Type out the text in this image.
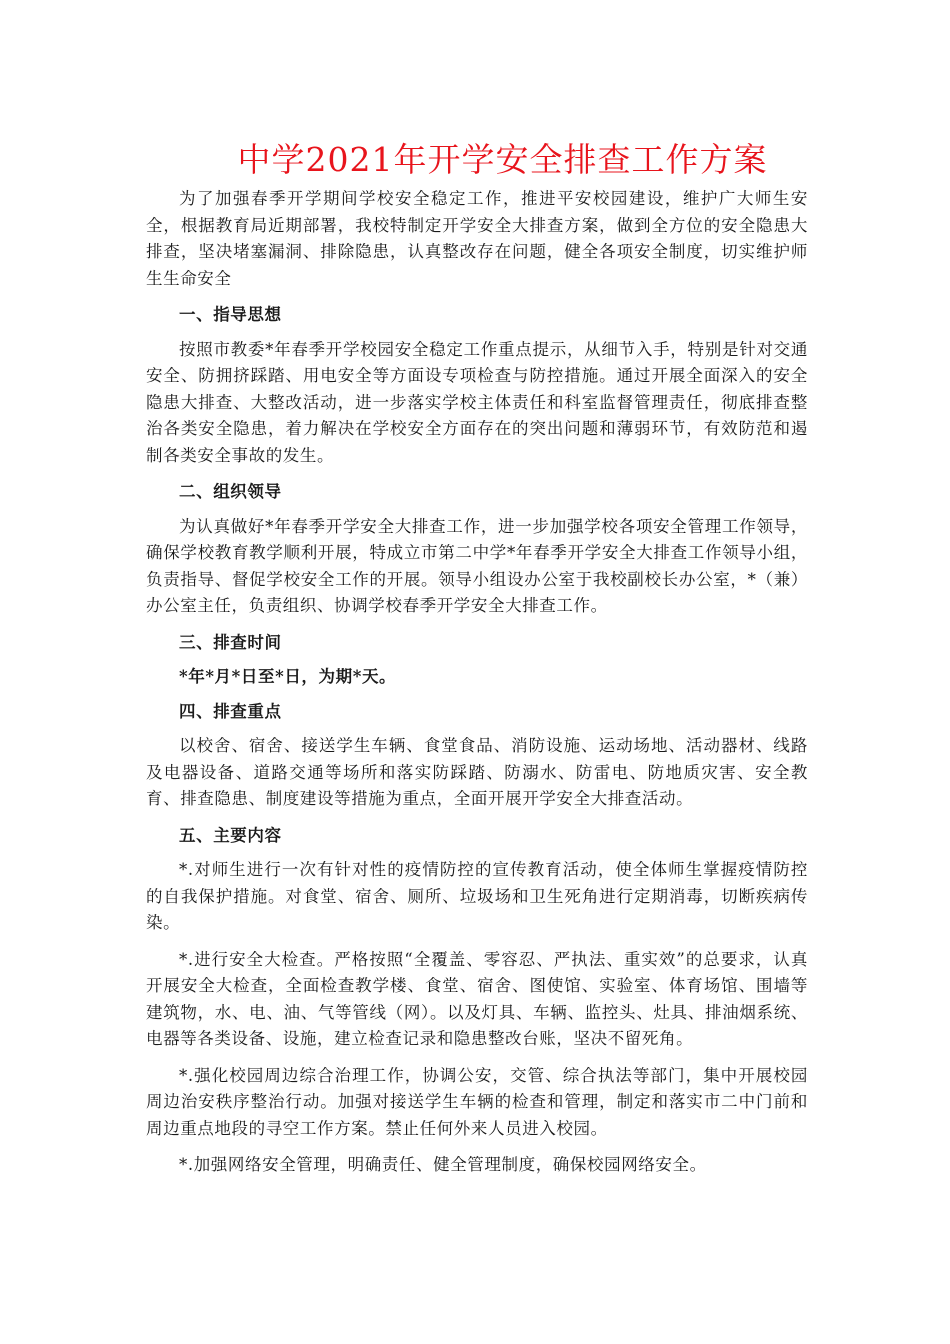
中学2021年开学安全排查工作方案

为了加强春季开学期间学校安全稳定工作，推进平安校园建设，维护广大师生安全，根据教育局近期部署，我校特制定开学安全大排查方案，做到全方位的安全隐患大排查，坚决堵塞漏洞、排除隐患，认真整改存在问题，健全各项安全制度，切实维护师生生命安全

一、指导思想

按照市教委*年春季开学校园安全稳定工作重点提示，从细节入手，特别是针对交通安全、防拥挤踩踏、用电安全等方面设专项检查与防控措施。通过开展全面深入的安全隐患大排查、大整改活动，进一步落实学校主体责任和科室监督管理责任，彻底排查整治各类安全隐患，着力解决在学校安全方面存在的突出问题和薄弱环节，有效防范和遏制各类安全事故的发生。

二、组织领导

为认真做好*年春季开学安全大排查工作，进一步加强学校各项安全管理工作领导，确保学校教育教学顺利开展，特成立市第二中学*年春季开学安全大排查工作领导小组，负责指导、督促学校安全工作的开展。领导小组设办公室于我校副校长办公室，*（兼）办公室主任，负责组织、协调学校春季开学安全大排查工作。

三、排查时间

*年*月*日至*日，为期*天。

四、排查重点

以校舍、宿舍、接送学生车辆、食堂食品、消防设施、运动场地、活动器材、线路及电器设备、道路交通等场所和落实防踩踏、防溺水、防雷电、防地质灾害、安全教育、排查隐患、制度建设等措施为重点，全面开展开学安全大排查活动。

五、主要内容

*.对师生进行一次有针对性的疫情防控的宣传教育活动，使全体师生掌握疫情防控的自我保护措施。对食堂、宿舍、厕所、垃圾场和卫生死角进行定期消毒，切断疾病传染。

*.进行安全大检查。严格按照“全覆盖、零容忍、严执法、重实效”的总要求，认真开展安全大检查，全面检查教学楼、食堂、宿舍、图使馆、实验室、体育场馆、围墙等建筑物，水、电、油、气等管线（网）。以及灯具、车辆、监控头、灶具、排油烟系统、电器等各类设备、设施，建立检查记录和隐患整改台账，坚决不留死角。

*.强化校园周边综合治理工作，协调公安，交管、综合执法等部门，集中开展校园周边治安秩序整治行动。加强对接送学生车辆的检查和管理，制定和落实市二中门前和周边重点地段的寻空工作方案。禁止任何外来人员进入校园。

*.加强网络安全管理，明确责任、健全管理制度，确保校园网络安全。
